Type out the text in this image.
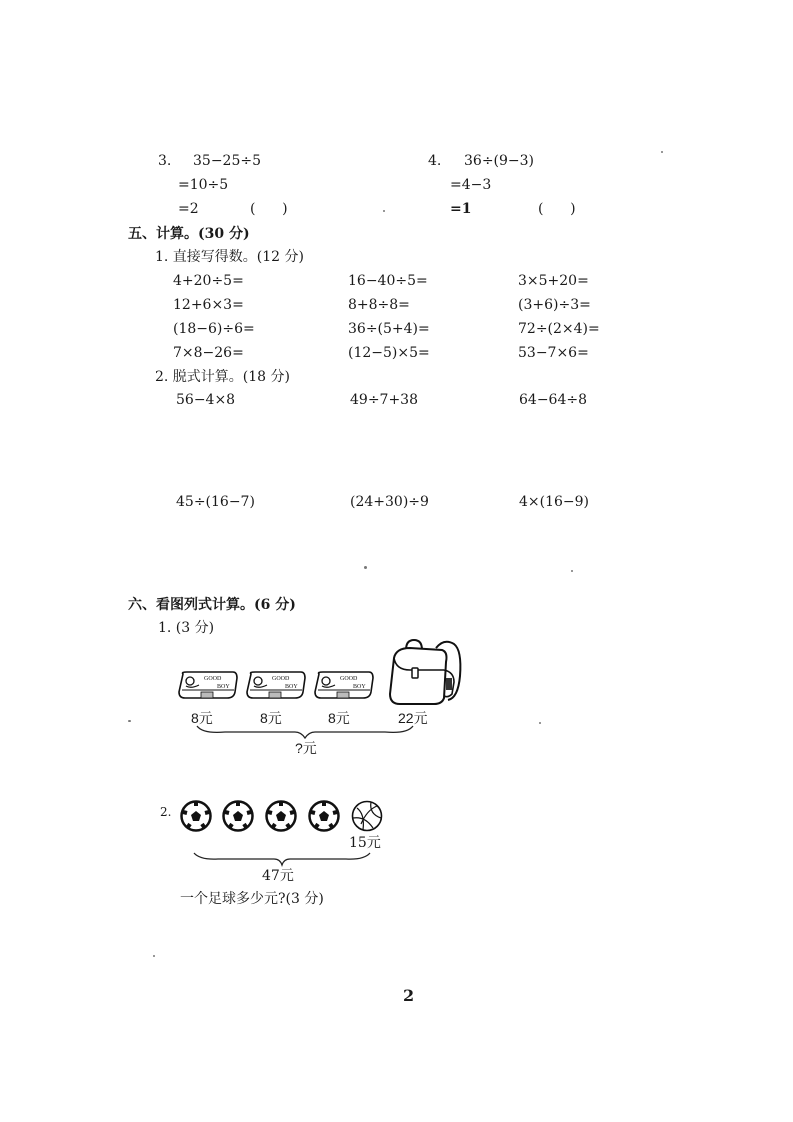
3. 35−25÷5
=10÷5
=2	(      )
4. 36÷(9−3)
=4−3
=1	(      )
五、计算。(30 分)
1. 直接写得数。(12 分)
4+20÷5=	16−40÷5=	3×5+20=
12+6×3=	8+8÷8=	(3+6)÷3=
(18−6)÷6=	36÷(5+4)=	72÷(2×4)=
7×8−26=	(12−5)×5=	53−7×6=
2. 脱式计算。(18 分)
56−4×8	49÷7+38	64−64÷8
45÷(16−7)	(24+30)÷9	4×(16−9)
六、看图列式计算。(6 分)
1. (3 分)
GOOD
BOY
GOOD
BOY
GOOD
BOY
8元	8元	8元	22元
?元
2.
15元
47元
一个足球多少元?(3 分)
2
